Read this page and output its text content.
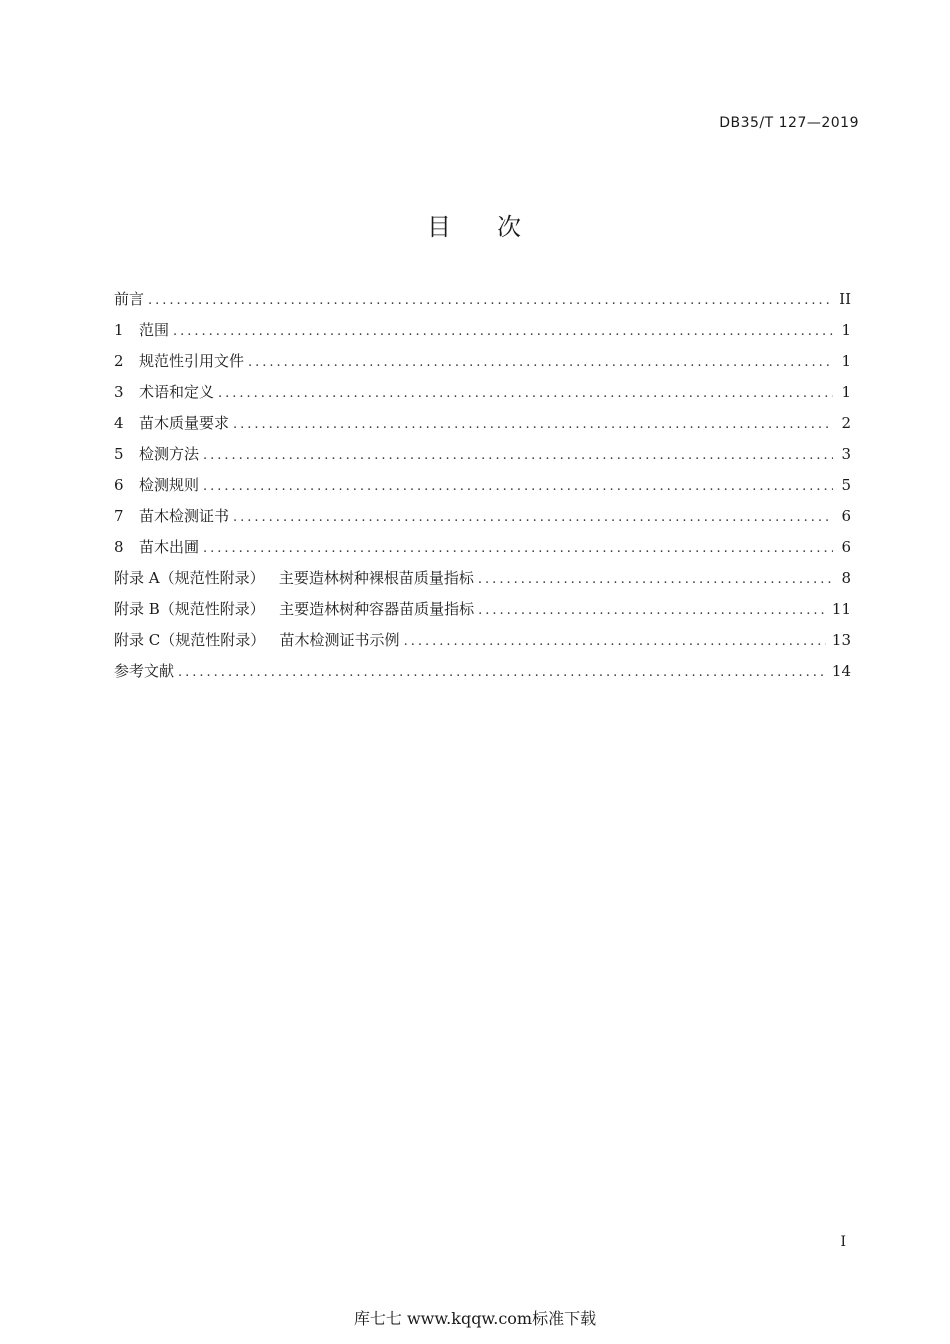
DB35/T 127—2019
目 次
前言 .....	II
1	范围 .....	1
2	规范性引用文件 .....	1
3	术语和定义 .....	1
4	苗木质量要求 .....	2
5	检测方法 .....	3
6	检测规则 .....	5
7	苗木检测证书 .....	6
8	苗木出圃 .....	6
附录 A（规范性附录）   主要造林树种裸根苗质量指标 .....	8
附录 B（规范性附录）   主要造林树种容器苗质量指标 .....	11
附录 C（规范性附录）   苗木检测证书示例 .....	13
参考文献 .....	14
I
库七七 www.kqqw.com标准下载
